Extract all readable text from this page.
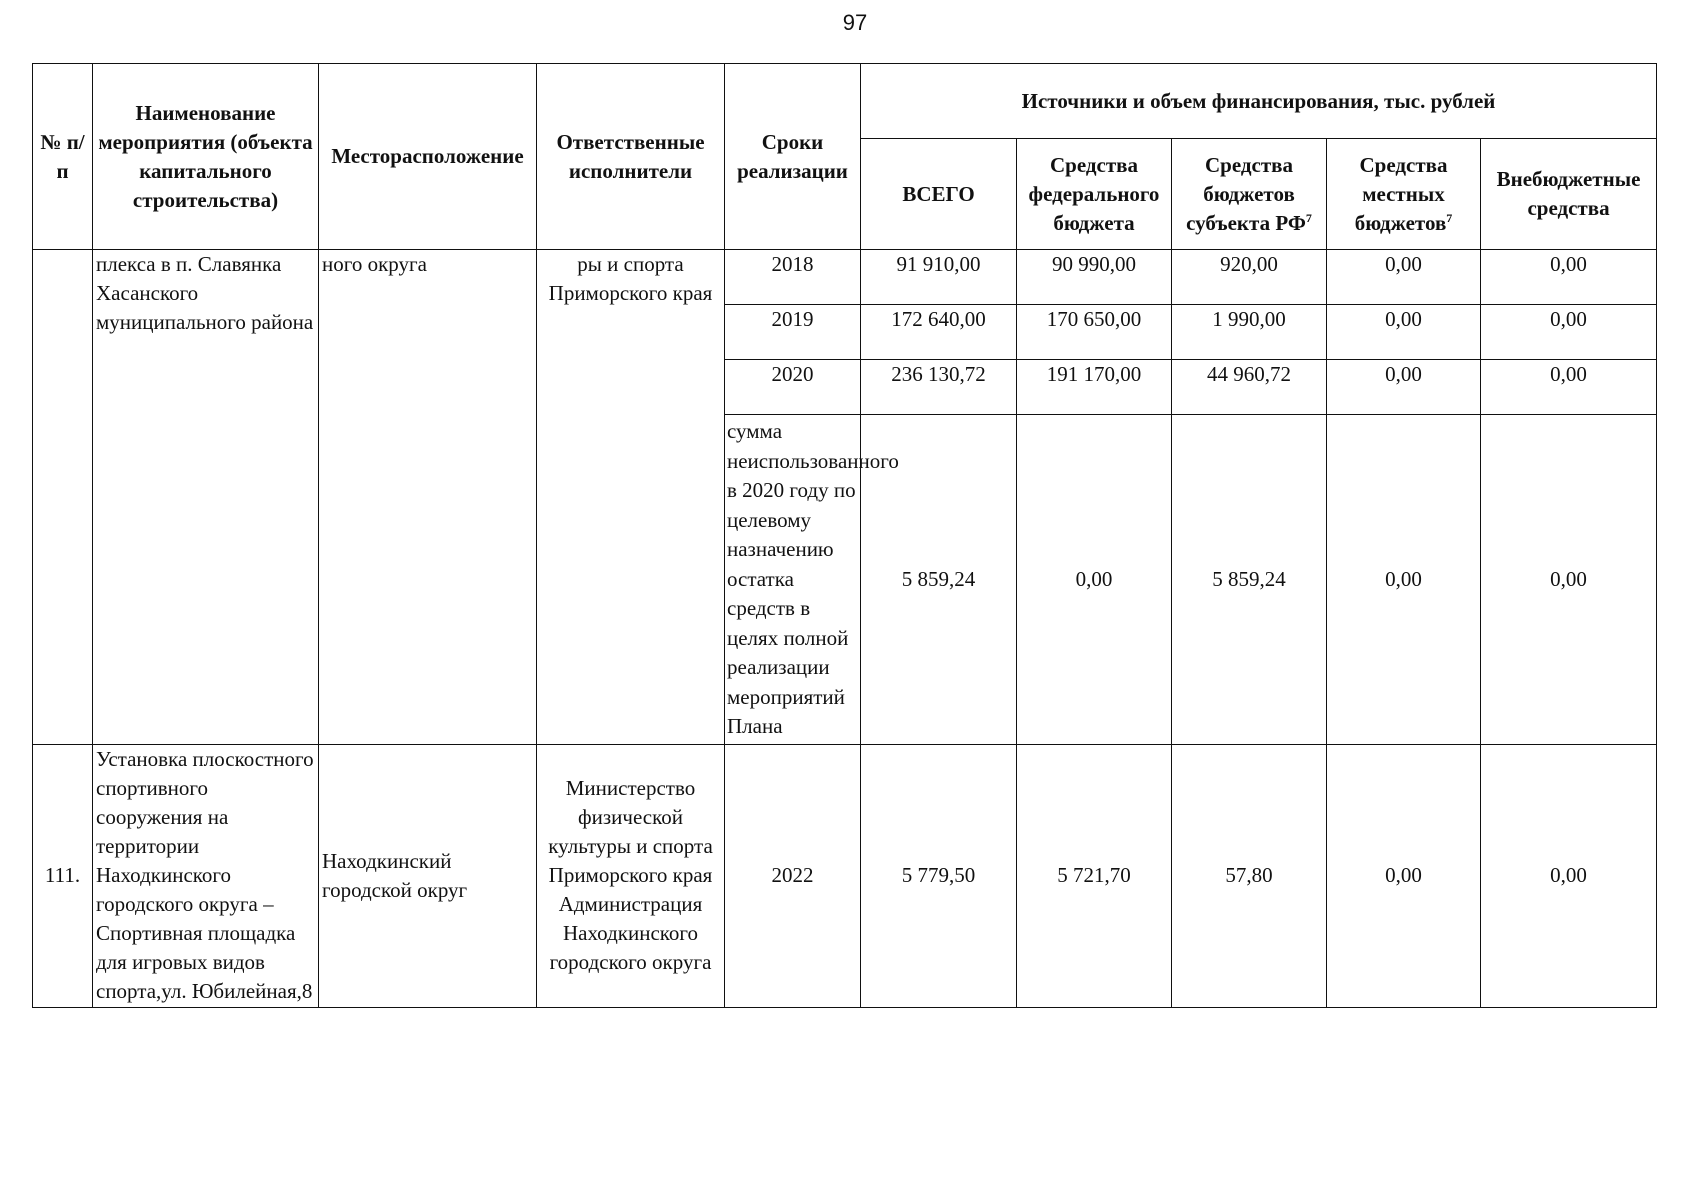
97
№ п/п	Наименование мероприятия (объекта капитального строительства)	Месторасположение	Ответственные исполнители	Сроки реализации	Источники и объем финансирования, тыс. рублей				
					ВСЕГО	Средства федерального бюджета	Средства бюджетов субъекта $РФ^7$	Средства местных бюджетов$^7$	Внебюджетные средства
	плекса в п. Славянка Хасанского муниципального района	ного округа	ры и спорта Приморского края	2018	91 910,00	90 990,00	920,00	0,00	0,00
				2019	172 640,00	170 650,00	1 990,00	0,00	0,00
				2020	236 130,72	191 170,00	44 960,72	0,00	0,00
				сумма неиспользованного в 2020 году по целевому назначению остатка средств в целях полной реализации мероприятий Плана	5 859,24	0,00	5 859,24	0,00	0,00
111.	Установка плоскостного спортивного сооружения на территории Находкинского городского округа – Спортивная площадка для игровых видов спорта,ул. Юбилейная,8	Находкинский городской округ	Министерство физической культуры и спорта Приморского края Администрация Находкинского городского округа	2022	5 779,50	5 721,70	57,80	0,00	0,00
